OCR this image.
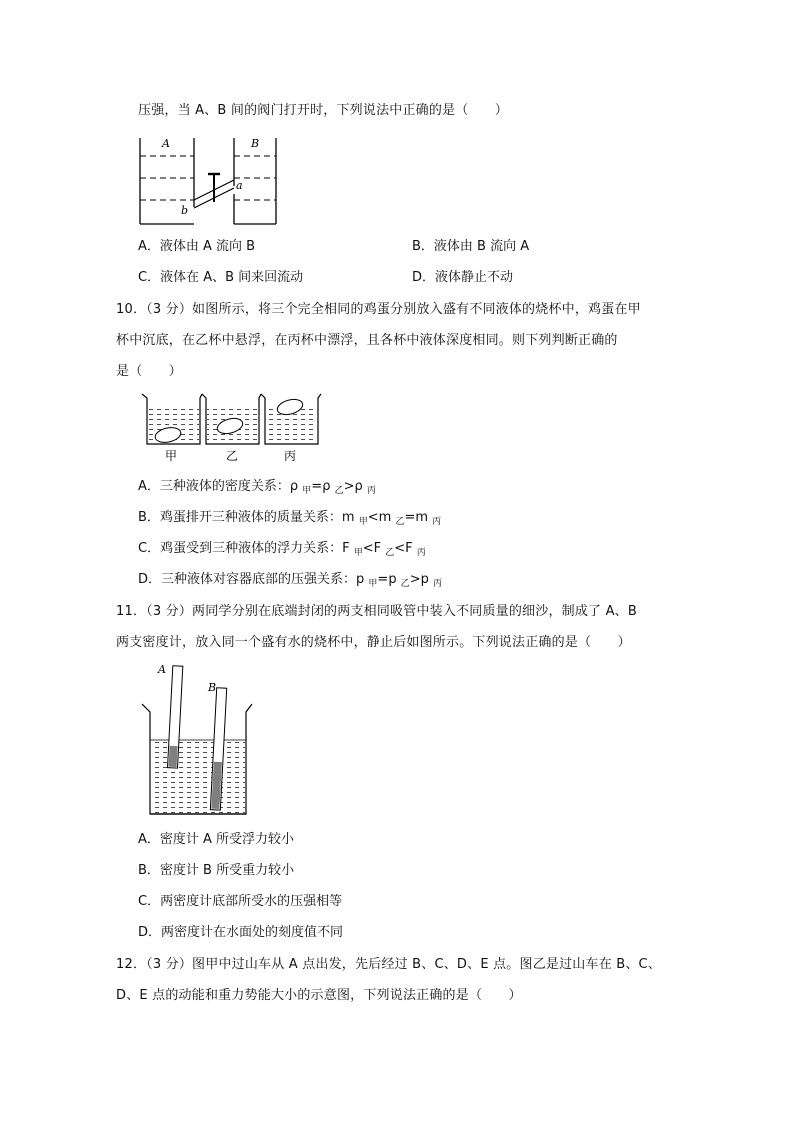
压强，当 A、B 间的阀门打开时，下列说法中正确的是（　　）
A	B
a
b
A．液体由 A 流向 B	B．液体由 B 流向 A
C．液体在 A、B 间来回流动	D．液体静止不动
10．（3 分）如图所示，将三个完全相同的鸡蛋分别放入盛有不同液体的烧杯中，鸡蛋在甲
杯中沉底，在乙杯中悬浮，在丙杯中漂浮，且各杯中液体深度相同。则下列判断正确的
是（　　）
甲	乙	丙
A．三种液体的密度关系：ρ $_甲$=ρ $_乙$>ρ $_丙$
B．鸡蛋排开三种液体的质量关系：m $_甲$<m $_乙$=m $_丙$
C．鸡蛋受到三种液体的浮力关系：F $_甲$<F $_乙$<F $_丙$
D．三种液体对容器底部的压强关系：p $_甲$=p $_乙$>p $_丙$
11．（3 分）两同学分别在底端封闭的两支相同吸管中装入不同质量的细沙，制成了 A、B
两支密度计，放入同一个盛有水的烧杯中，静止后如图所示。下列说法正确的是（　　）
A
B
A．密度计 A 所受浮力较小
B．密度计 B 所受重力较小
C．两密度计底部所受水的压强相等
D．两密度计在水面处的刻度值不同
12．（3 分）图甲中过山车从 A 点出发，先后经过 B、C、D、E 点。图乙是过山车在 B、C、
D、E 点的动能和重力势能大小的示意图，下列说法正确的是（　　）
